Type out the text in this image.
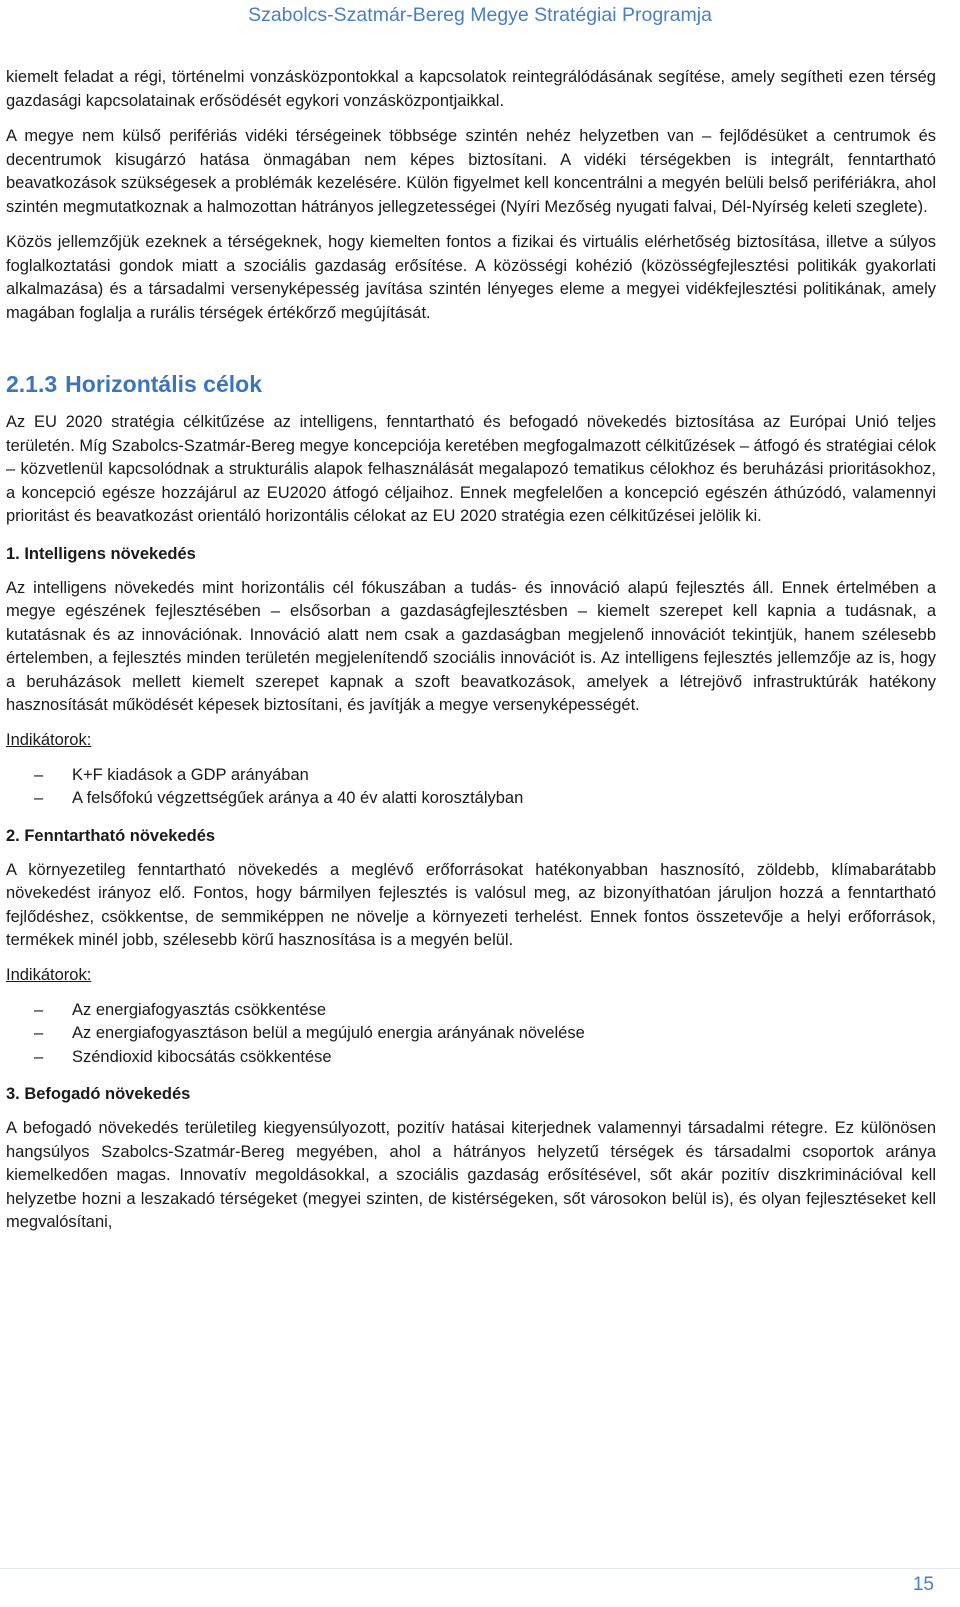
Szabolcs-Szatmár-Bereg Megye Stratégiai Programja

kiemelt feladat a régi, történelmi vonzásközpontokkal a kapcsolatok reintegrálódásának segítése, amely segítheti ezen térség gazdasági kapcsolatainak erősödését egykori vonzásközpontjaikkal.

A megye nem külső perifériás vidéki térségeinek többsége szintén nehéz helyzetben van – fejlődésüket a centrumok és decentrumok kisugárzó hatása önmagában nem képes biztosítani. A vidéki térségekben is integrált, fenntartható beavatkozások szükségesek a problémák kezelésére. Külön figyelmet kell koncentrálni a megyén belüli belső perifériákra, ahol szintén megmutatkoznak a halmozottan hátrányos jellegzetességei (Nyíri Mezőség nyugati falvai, Dél-Nyírség keleti szeglete).

Közös jellemzőjük ezeknek a térségeknek, hogy kiemelten fontos a fizikai és virtuális elérhetőség biztosítása, illetve a súlyos foglalkoztatási gondok miatt a szociális gazdaság erősítése. A közösségi kohézió (közösségfejlesztési politikák gyakorlati alkalmazása) és a társadalmi versenyképesség javítása szintén lényeges eleme a megyei vidékfejlesztési politikának, amely magában foglalja a rurális térségek értékőrző megújítását.

2.1.3 Horizontális célok

Az EU 2020 stratégia célkitűzése az intelligens, fenntartható és befogadó növekedés biztosítása az Európai Unió teljes területén. Míg Szabolcs-Szatmár-Bereg megye koncepciója keretében megfogalmazott célkitűzések – átfogó és stratégiai célok – közvetlenül kapcsolódnak a strukturális alapok felhasználását megalapozó tematikus célokhoz és beruházási prioritásokhoz, a koncepció egésze hozzájárul az EU2020 átfogó céljaihoz. Ennek megfelelően a koncepció egészén áthúzódó, valamennyi prioritást és beavatkozást orientáló horizontális célokat az EU 2020 stratégia ezen célkitűzései jelölik ki.

1. Intelligens növekedés

Az intelligens növekedés mint horizontális cél fókuszában a tudás- és innováció alapú fejlesztés áll. Ennek értelmében a megye egészének fejlesztésében – elsősorban a gazdaságfejlesztésben – kiemelt szerepet kell kapnia a tudásnak, a kutatásnak és az innovációnak. Innováció alatt nem csak a gazdaságban megjelenő innovációt tekintjük, hanem szélesebb értelemben, a fejlesztés minden területén megjelenítendő szociális innovációt is. Az intelligens fejlesztés jellemzője az is, hogy a beruházások mellett kiemelt szerepet kapnak a szoft beavatkozások, amelyek a létrejövő infrastruktúrák hatékony hasznosítását működését képesek biztosítani, és javítják a megye versenyképességét.

Indikátorok:
– K+F kiadások a GDP arányában
– A felsőfokú végzettségűek aránya a 40 év alatti korosztályban
2. Fenntartható növekedés

A környezetileg fenntartható növekedés a meglévő erőforrásokat hatékonyabban hasznosító, zöldebb, klímabarátabb növekedést irányoz elő. Fontos, hogy bármilyen fejlesztés is valósul meg, az bizonyíthatóan járuljon hozzá a fenntartható fejlődéshez, csökkentse, de semmiképpen ne növelje a környezeti terhelést. Ennek fontos összetevője a helyi erőforrások, termékek minél jobb, szélesebb körű hasznosítása is a megyén belül.

Indikátorok:
– Az energiafogyasztás csökkentése
– Az energiafogyasztáson belül a megújuló energia arányának növelése
– Széndioxid kibocsátás csökkentése
3. Befogadó növekedés

A befogadó növekedés területileg kiegyensúlyozott, pozitív hatásai kiterjednek valamennyi társadalmi rétegre. Ez különösen hangsúlyos Szabolcs-Szatmár-Bereg megyében, ahol a hátrányos helyzetű térségek és társadalmi csoportok aránya kiemelkedően magas. Innovatív megoldásokkal, a szociális gazdaság erősítésével, sőt akár pozitív diszkriminációval kell helyzetbe hozni a leszakadó térségeket (megyei szinten, de kistérségeken, sőt városokon belül is), és olyan fejlesztéseket kell megvalósítani,

15
